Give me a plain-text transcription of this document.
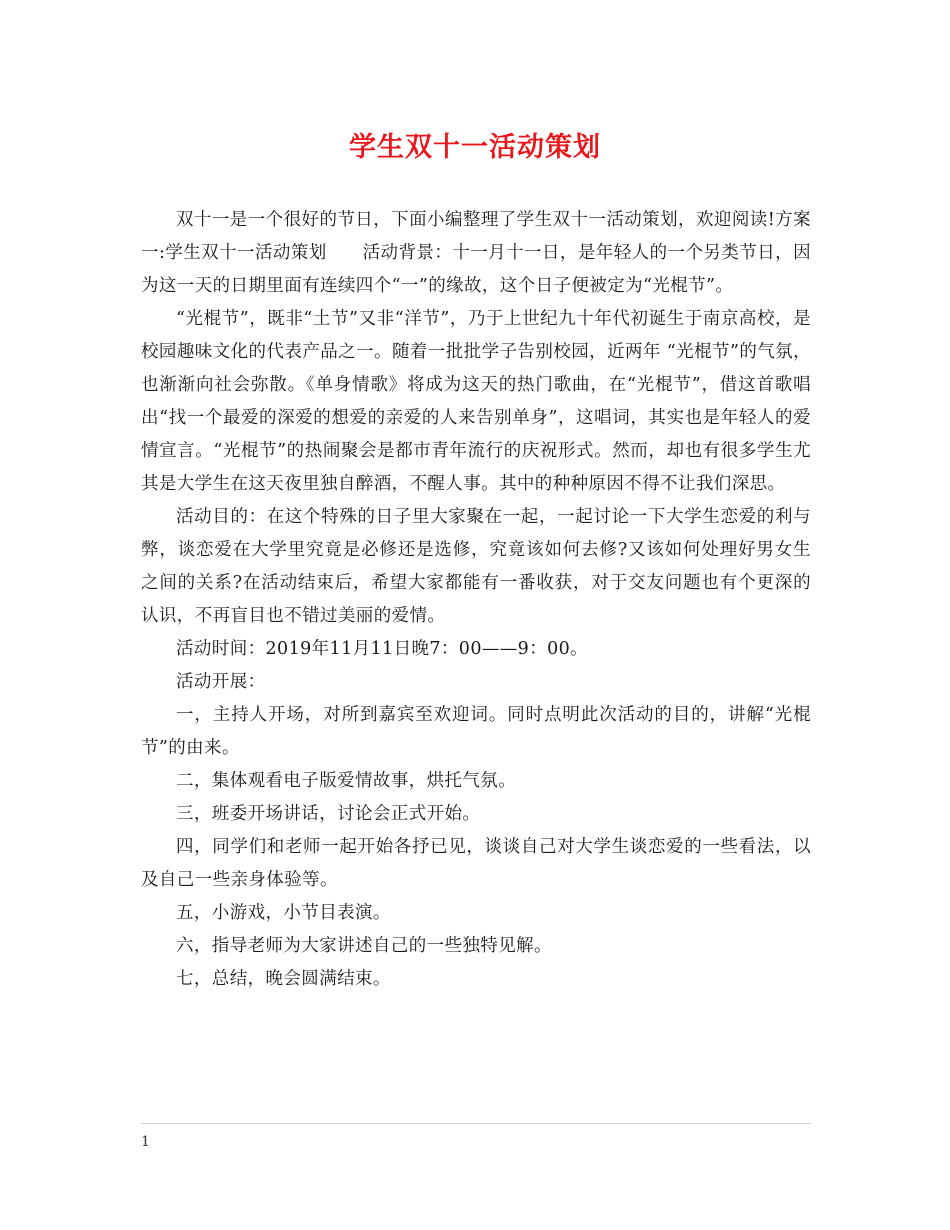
学生双十一活动策划

双十一是一个很好的节日，下面小编整理了学生双十一活动策划，欢迎阅读!方案一:学生双十一活动策划　　活动背景：十一月十一日，是年轻人的一个另类节日，因为这一天的日期里面有连续四个“一”的缘故，这个日子便被定为“光棍节”。

“光棍节”，既非“土节”又非“洋节”，乃于上世纪九十年代初诞生于南京高校，是校园趣味文化的代表产品之一。随着一批批学子告别校园，近两年 “光棍节”的气氛，也渐渐向社会弥散。《单身情歌》将成为这天的热门歌曲，在“光棍节”，借这首歌唱出“找一个最爱的深爱的想爱的亲爱的人来告别单身”，这唱词，其实也是年轻人的爱情宣言。“光棍节”的热闹聚会是都市青年流行的庆祝形式。然而，却也有很多学生尤其是大学生在这天夜里独自醉酒，不醒人事。其中的种种原因不得不让我们深思。

活动目的：在这个特殊的日子里大家聚在一起，一起讨论一下大学生恋爱的利与弊，谈恋爱在大学里究竟是必修还是选修，究竟该如何去修?又该如何处理好男女生之间的关系?在活动结束后，希望大家都能有一番收获，对于交友问题也有个更深的认识，不再盲目也不错过美丽的爱情。

活动时间：2019年11月11日晚7：00——9：00。

活动开展：

一，主持人开场，对所到嘉宾至欢迎词。同时点明此次活动的目的，讲解“光棍节”的由来。

二，集体观看电子版爱情故事，烘托气氛。

三，班委开场讲话，讨论会正式开始。

四，同学们和老师一起开始各抒已见，谈谈自己对大学生谈恋爱的一些看法，以及自己一些亲身体验等。

五，小游戏，小节目表演。

六，指导老师为大家讲述自己的一些独特见解。

七，总结，晚会圆满结束。

1
